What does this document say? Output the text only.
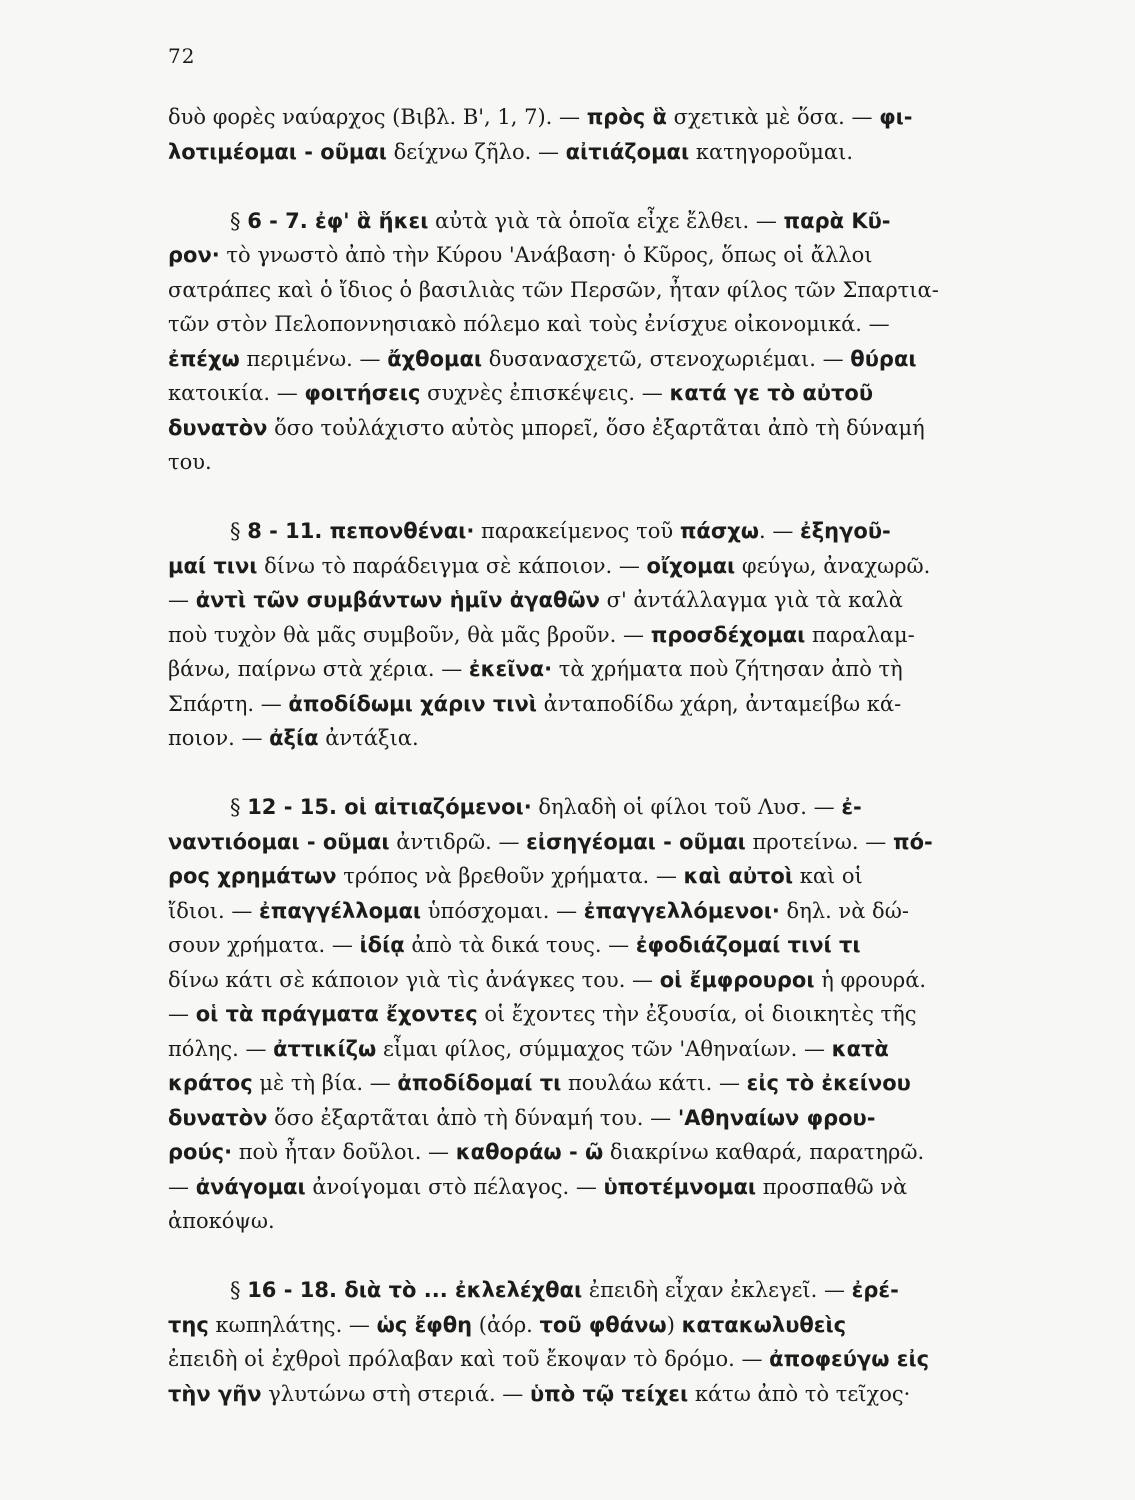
72
δυὸ φορὲς ναύαρχος (Βιβλ. Β', 1, 7). — πρὸς ἃ σχετικὰ μὲ ὅσα. — φι-
λοτιμέομαι - οῦμαι δείχνω ζῆλο. — αἰτιάζομαι κατηγοροῦμαι.
§ 6 - 7. ἐφ' ἃ ἥκει αὐτὰ γιὰ τὰ ὁποῖα εἶχε ἔλθει. — παρὰ Κῦ-
ρον· τὸ γνωστὸ ἀπὸ τὴν Κύρου 'Ανάβαση· ὁ Κῦρος, ὅπως οἱ ἄλλοι
σατράπες καὶ ὁ ἴδιος ὁ βασιλιὰς τῶν Περσῶν, ἦταν φίλος τῶν Σπαρτια-
τῶν στὸν Πελοποννησιακὸ πόλεμο καὶ τοὺς ἐνίσχυε οἰκονομικά. —
ἐπέχω περιμένω. — ἄχθομαι δυσανασχετῶ, στενοχωριέμαι. — θύραι
κατοικία. — φοιτήσεις συχνὲς ἐπισκέψεις. — κατά γε τὸ αὐτοῦ
δυνατὸν ὅσο τοὐλάχιστο αὐτὸς μπορεῖ, ὅσο ἐξαρτᾶται ἀπὸ τὴ δύναμή
του.
§ 8 - 11. πεπονθέναι· παρακείμενος τοῦ πάσχω. — ἐξηγοῦ-
μαί τινι δίνω τὸ παράδειγμα σὲ κάποιον. — οἴχομαι φεύγω, ἀναχωρῶ.
— ἀντὶ τῶν συμβάντων ἡμῖν ἀγαθῶν σ' ἀντάλλαγμα γιὰ τὰ καλὰ
ποὺ τυχὸν θὰ μᾶς συμβοῦν, θὰ μᾶς βροῦν. — προσδέχομαι παραλαμ-
βάνω, παίρνω στὰ χέρια. — ἐκεῖνα· τὰ χρήματα ποὺ ζήτησαν ἀπὸ τὴ
Σπάρτη. — ἀποδίδωμι χάριν τινὶ ἀνταποδίδω χάρη, ἀνταμείβω κά-
ποιον. — ἀξία ἀντάξια.
§ 12 - 15. οἱ αἰτιαζόμενοι· δηλαδὴ οἱ φίλοι τοῦ Λυσ. — ἐ-
ναντιόομαι - οῦμαι ἀντιδρῶ. — εἰσηγέομαι - οῦμαι προτείνω. — πό-
ρος χρημάτων τρόπος νὰ βρεθοῦν χρήματα. — καὶ αὐτοὶ καὶ οἱ
ἴδιοι. — ἐπαγγέλλομαι ὑπόσχομαι. — ἐπαγγελλόμενοι· δηλ. νὰ δώ-
σουν χρήματα. — ἰδίᾳ ἀπὸ τὰ δικά τους. — ἐφοδιάζομαί τινί τι
δίνω κάτι σὲ κάποιον γιὰ τὶς ἀνάγκες του. — οἱ ἔμφρουροι ἡ φρουρά.
— οἱ τὰ πράγματα ἔχοντες οἱ ἔχοντες τὴν ἐξουσία, οἱ διοικητὲς τῆς
πόλης. — ἀττικίζω εἶμαι φίλος, σύμμαχος τῶν 'Αθηναίων. — κατὰ
κράτος μὲ τὴ βία. — ἀποδίδομαί τι πουλάω κάτι. — εἰς τὸ ἐκείνου
δυνατὸν ὅσο ἐξαρτᾶται ἀπὸ τὴ δύναμή του. — 'Αθηναίων φρου-
ρούς· ποὺ ἦταν δοῦλοι. — καθοράω - ῶ διακρίνω καθαρά, παρατηρῶ.
— ἀνάγομαι ἀνοίγομαι στὸ πέλαγος. — ὑποτέμνομαι προσπαθῶ νὰ
ἀποκόψω.
§ 16 - 18. διὰ τὸ ... ἐκλελέχθαι ἐπειδὴ εἶχαν ἐκλεγεῖ. — ἐρέ-
της κωπηλάτης. — ὡς ἔφθη (ἀόρ. τοῦ φθάνω) κατακωλυθεὶς
ἐπειδὴ οἱ ἐχθροὶ πρόλαβαν καὶ τοῦ ἔκοψαν τὸ δρόμο. — ἀποφεύγω εἰς
τὴν γῆν γλυτώνω στὴ στεριά. — ὑπὸ τῷ τείχει κάτω ἀπὸ τὸ τεῖχος·
